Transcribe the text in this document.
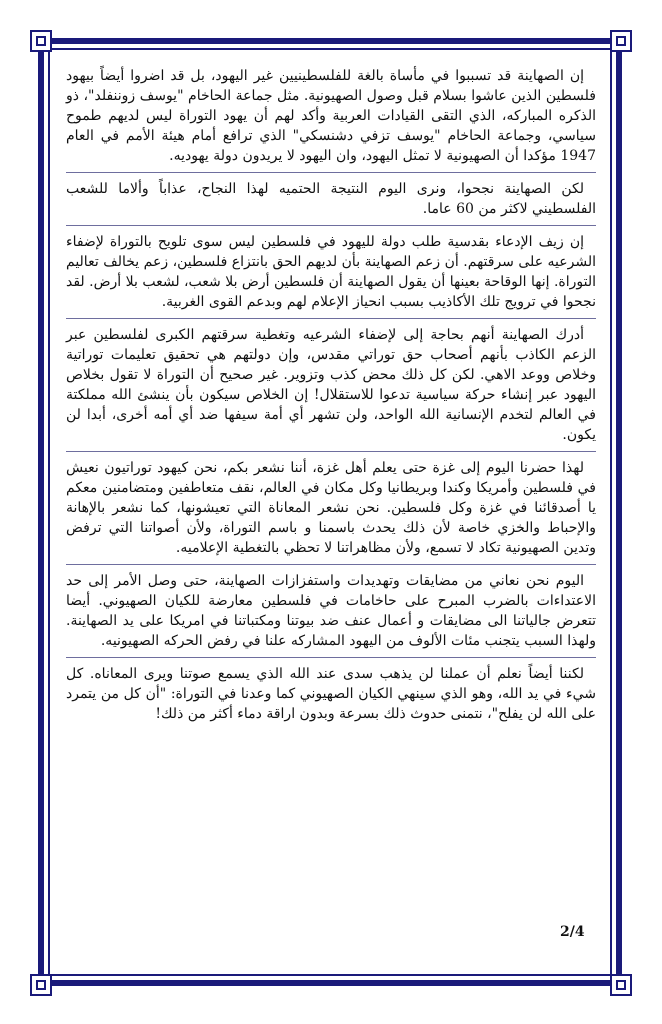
إن الصهاينة قد تسببوا في مأساة بالغة للفلسطينيين غير اليهود، بل قد اضروا أيضاً بيهود فلسطين الذين عاشوا بسلام قبل وصول الصهيونية. مثل جماعة الحاخام "يوسف زوننفلد"، ذو الذكره المباركه، الذي التقى القيادات العربية وأكد لهم أن يهود التوراة ليس لديهم طموح سياسي، وجماعة الحاخام "يوسف تزفي دشنسكي" الذي ترافع أمام هيئة الأمم في العام 1947 مؤكدا أن الصهيونية لا تمثل اليهود، وان اليهود لا يريدون دولة يهوديه.

لكن الصهاينة نجحوا، ونرى اليوم النتيجة الحتميه لهذا النجاح، عذاباً وألاما للشعب الفلسطيني لاكثر من 60 عاما.

إن زيف الإدعاء بقدسية طلب دولة لليهود في فلسطين ليس سوى تلويح بالتوراة لإضفاء الشرعيه على سرقتهم. أن زعم الصهاينة بأن لديهم الحق بانتزاع فلسطين، زعم يخالف تعاليم التوراة. إنها الوقاحة بعينها أن يقول الصهاينة أن فلسطين أرض بلا شعب، لشعب بلا أرض. لقد نجحوا في ترويج تلك الأكاذيب بسبب انحياز الإعلام لهم وبدعم القوى الغربية.

أدرك الصهاينة أنهم بحاجة إلى لإضفاء الشرعيه وتغطية سرقتهم الكبرى لفلسطين عبر الزعم الكاذب بأنهم أصحاب حق توراتي مقدس، وإن دولتهم هي تحقيق تعليمات توراتية وخلاص ووعد الاهي. لكن كل ذلك محض كذب وتزوير. غير صحيح أن التوراة لا تقول بخلاص اليهود عبر إنشاء حركة سياسية تدعوا للاستقلال! إن الخلاص سيكون بأن ينشئ الله مملكتة في العالم لتخدم الإنسانية الله الواحد، ولن تشهر أي أمة سيفها ضد أي أمه أخرى، أبدا لن يكون.

لهذا حضرنا اليوم إلى غزة حتى يعلم أهل غزة، أننا نشعر بكم، نحن كيهود توراتيون نعيش في فلسطين وأمريكا وكندا وبريطانيا وكل مكان في العالم، نقف متعاطفين ومتضامنين معكم يا أصدقائنا في غزة وكل فلسطين. نحن نشعر المعاناة التي تعيشونها، كما نشعر بالإهانة والإحباط والخزي خاصة لأن ذلك يحدث باسمنا و باسم التوراة، ولأن أصواتنا التي ترفض وتدين الصهيونية تكاد لا تسمع، ولأن مظاهراتنا لا تحظي بالتغطية الإعلاميه.

اليوم نحن نعاني من مضايقات وتهديدات واستفزازات الصهاينة، حتى وصل الأمر إلى حد الاعتداءات بالضرب المبرح على حاخامات في فلسطين معارضة للكيان الصهيوني. أيضا تتعرض جالياتنا الى مضايقات و أعمال عنف ضد بيوتنا ومكتباتنا في امريكا على يد الصهاينة. ولهذا السبب يتجنب مئات الألوف من اليهود المشاركه علنا في رفض الحركه الصهيونيه.

لكننا أيضاً نعلم أن عملنا لن يذهب سدى عند الله الذي يسمع صوتنا ويرى المعاناه. كل شيء في يد الله، وهو الذي سينهي الكيان الصهيوني كما وعدنا في التوراة: "أن كل من يتمرد على الله لن يفلح"، نتمنى حدوث ذلك بسرعة وبدون اراقة دماء أكثر من ذلك!

2/4
